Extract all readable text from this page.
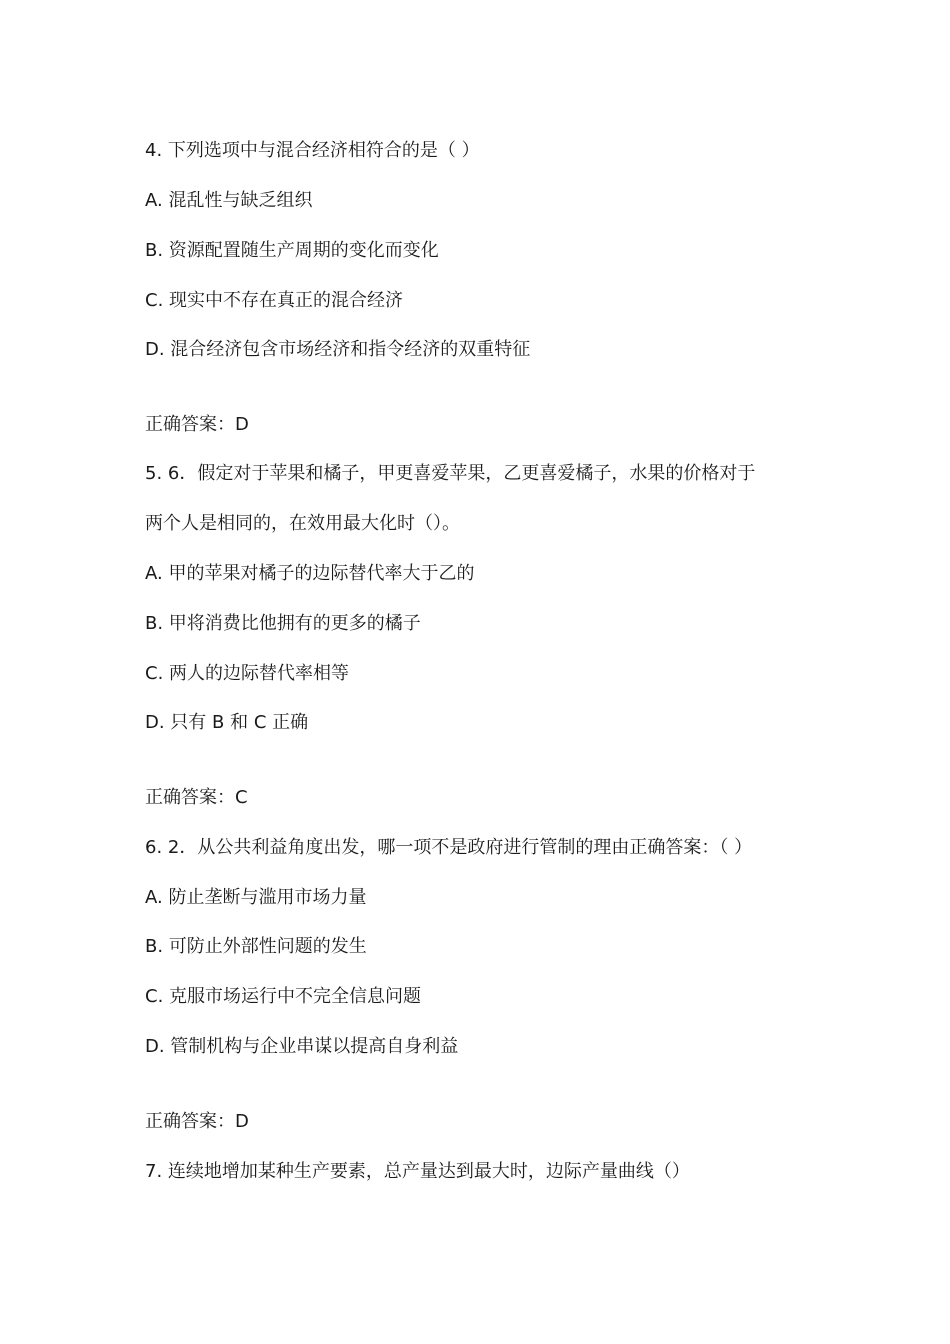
4. 下列选项中与混合经济相符合的是（ ）
A. 混乱性与缺乏组织
B. 资源配置随生产周期的变化而变化
C. 现实中不存在真正的混合经济
D. 混合经济包含市场经济和指令经济的双重特征
正确答案：D
5. 6．假定对于苹果和橘子，甲更喜爱苹果，乙更喜爱橘子，水果的价格对于
两个人是相同的，在效用最大化时（）。
A. 甲的苹果对橘子的边际替代率大于乙的
B. 甲将消费比他拥有的更多的橘子
C. 两人的边际替代率相等
D. 只有 B 和 C 正确
正确答案：C
6. 2．从公共利益角度出发，哪一项不是政府进行管制的理由正确答案：（ ）
A. 防止垄断与滥用市场力量
B. 可防止外部性问题的发生
C. 克服市场运行中不完全信息问题
D. 管制机构与企业串谋以提高自身利益
正确答案：D
7. 连续地增加某种生产要素，总产量达到最大时，边际产量曲线（）
